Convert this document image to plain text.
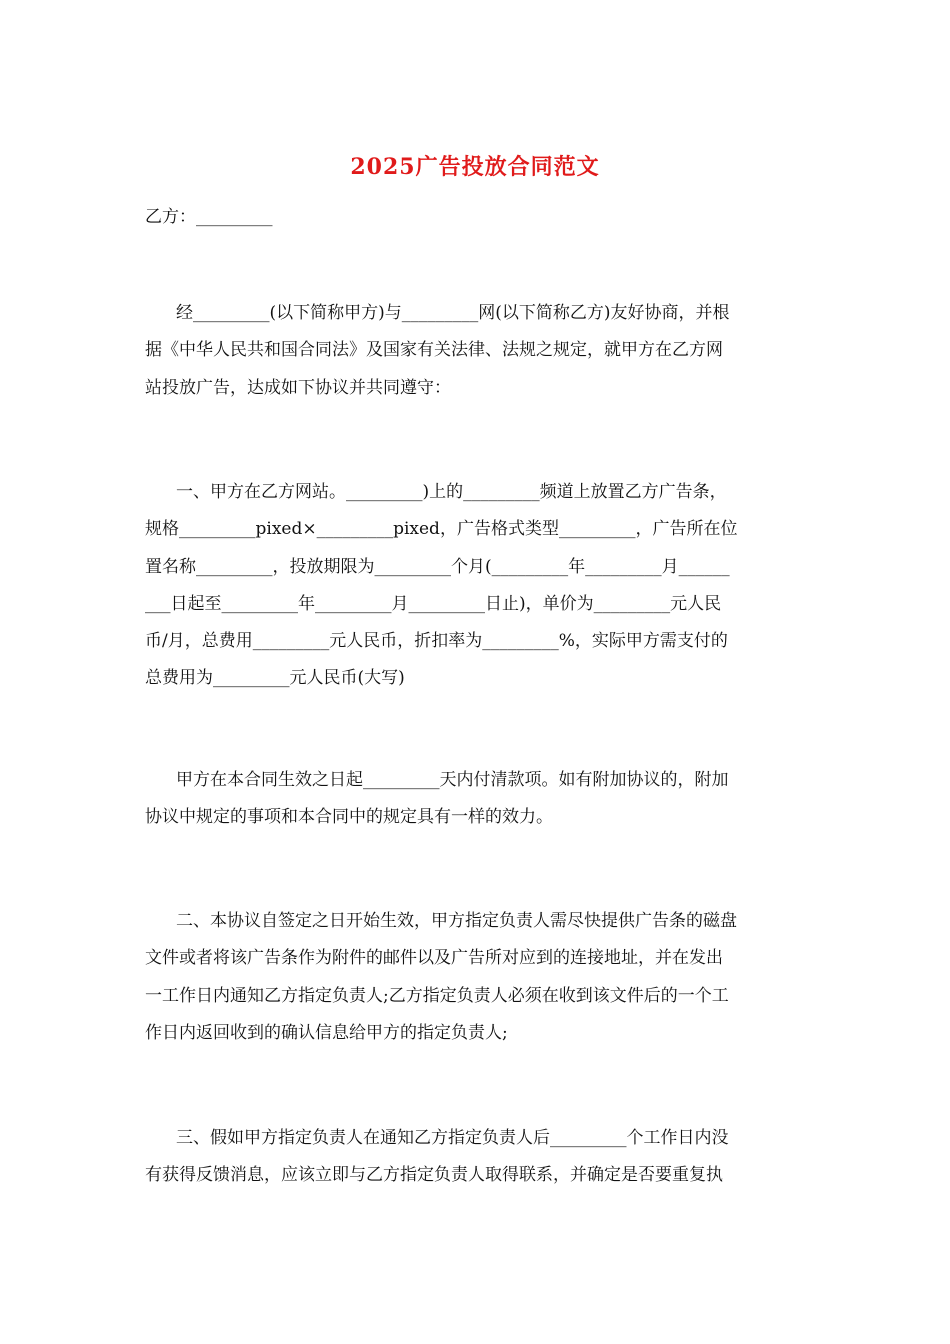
2025广告投放合同范文
乙方：_________
经_________(以下简称甲方)与_________网(以下简称乙方)友好协商，并根
据《中华人民共和国合同法》及国家有关法律、法规之规定，就甲方在乙方网
站投放广告，达成如下协议并共同遵守：
一、甲方在乙方网站。_________)上的_________频道上放置乙方广告条，
规格_________pixed×_________pixed，广告格式类型_________，广告所在位
置名称_________，投放期限为_________个月(_________年_________月______
___日起至_________年_________月_________日止)，单价为_________元人民
币/月，总费用_________元人民币，折扣率为_________%，实际甲方需支付的
总费用为_________元人民币(大写)
甲方在本合同生效之日起_________天内付清款项。如有附加协议的，附加
协议中规定的事项和本合同中的规定具有一样的效力。
二、本协议自签定之日开始生效，甲方指定负责人需尽快提供广告条的磁盘
文件或者将该广告条作为附件的邮件以及广告所对应到的连接地址，并在发出
一工作日内通知乙方指定负责人;乙方指定负责人必须在收到该文件后的一个工
作日内返回收到的确认信息给甲方的指定负责人;
三、假如甲方指定负责人在通知乙方指定负责人后_________个工作日内没
有获得反馈消息，应该立即与乙方指定负责人取得联系，并确定是否要重复执
